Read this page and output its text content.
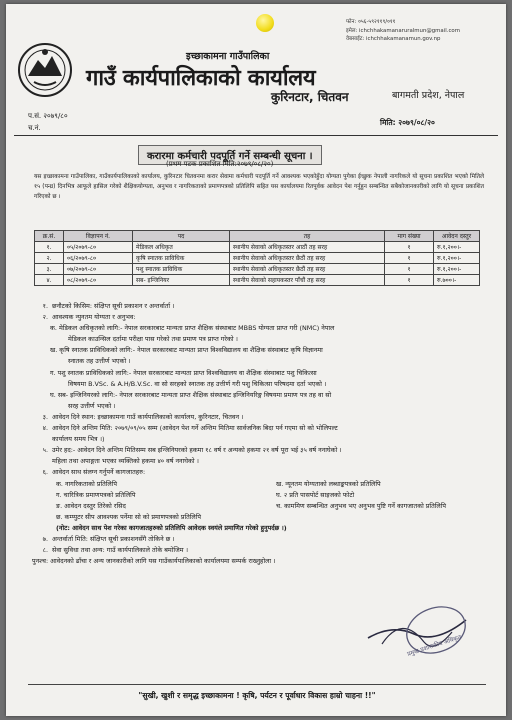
फोन: ०५६-५९२११९/०११
इमेल: ichchhakamanaruralmun@gmail.com
वेबसाईट: ichchhakamanamun.gov.np
इच्छाकामना गाउँपालिका
गाउँ कार्यपालिकाको कार्यालय
कुरिनटार, चितवन	बागमती प्रदेश, नेपाल
प.सं. २०७९/८०
च.नं.
मिति: २०७९/०८/२०
करारमा कर्मचारी पदपूर्ति गर्ने सम्बन्धी सूचना ।
(प्रथम पटक प्रकाशित मिति:२०७९/०८/२०)
यस इच्छाकामना गाउँपालिका, गाउँकार्यपालिकाको कार्यालय, कुरिनटार चितवनमा करार सेवामा कर्मचारी पदपूर्ति गर्ने आवश्यक भएकोहुँदा योग्यता पुगेका ईच्छुक नेपाली नागरिकले यो सूचना प्रकाशित भएको मितिले १५ (पन्ध्र) दिनभित्र आफूले हासिल गरेको शैक्षिकयोग्यता, अनुभव र नागरिकताको प्रमाणपत्रको प्रतिलिपि सहित यस कार्यालयमा रितपूर्वक आवेदन पेश गर्नुहुन सम्बन्धित सबैकोजानकारीको लागि यो सूचना प्रकाशित गरिएको छ ।
क्र.सं.	विज्ञापन नं.	पद	तह	माग संख्या	आवेदन दस्तुर
१.	०५/२०७९-८०	मेडिकल अधिकृत	स्थानीय सेवाको अधिकृतस्तर आठौं तह सरह	१	रु.१,२००।-
२.	०६/२०७९-८०	कृषि स्नातक प्राविधिक	स्थानीय सेवाको अधिकृतस्तर छैठौं तह सरह	१	रु.१,२००।-
३.	०७/२०७९-८०	पशु स्नातक प्राविधिक	स्थानीय सेवाको अधिकृतस्तर छैठौं तह सरह	१	रु.१,२००।-
४.	०८/२०७९-८०	सब- इन्जिनियर	स्थानीय सेवाको सहायकस्तर पाँचौं तह सरह	१	रु.७००।-
१. छनौटको किसिम: संक्षिप्त सूची प्रकाशन र अन्तर्वार्ता ।
२. आवश्यक न्युनतम योग्यता र अनुभव:
क. मेडिकल अधिकृतको लागि:- नेपाल सरकारबाट मान्यता प्राप्त शैक्षिक संस्थाबाट MBBS योग्यता प्राप्त गरी (NMC) नेपाल
मेडिकल काउन्सिल दर्तामा परीक्षा पास गरेको तथा प्रमाण पत्र प्राप्त गरेको ।
ख. कृषि स्नातक प्राविधिकको लागि:- नेपाल सरकारबाट मान्यता प्राप्त विश्वविद्यालय वा शैक्षिक संस्थाबाट कृषि विज्ञानमा
स्नातक तह उत्तीर्ण भएको ।
ग. पशु स्नातक प्राविधिकको लागि:- नेपाल सरकारबाट मान्यता प्राप्त विश्वविद्यालय वा शैक्षिक संस्थाबाट पशु चिकित्सा
विषयमा B.VSc. & A.H/B.V.Sc. वा सो सरहको स्नातक तह उत्तीर्ण गरी पशु चिकित्सा परिषदमा दर्ता भएको ।
घ. सब- इन्जिनियरको लागि:- नेपाल सरकारबाट मान्यता प्राप्त शैक्षिक संस्थाबाट इन्जिनियरिङ्ग विषयमा प्रमाण पत्र तह वा सो
सरह उत्तीर्ण भएको ।
३. आवेदन दिने स्थान: इच्छाकामना गाउँ कार्यपालिकाको कार्यालय, कुरिनटार, चितवन ।
४. आवेदन दिने अन्तिम मिति: २०७९/०९/०५ सम्म (आवेदन पेश गर्ने अन्तिम मितिमा सार्वजनिक बिदा पर्न गएमा सो को भोलिपल्ट
कार्यालय समय भित्र ।)
५. उमेर हद:- आवेदन दिने अन्तिम मितिसम्म सब इन्जिनियरको हकमा १८ वर्ष र अन्यको हकमा २१ वर्ष पूरा भई ३५ वर्ष ननाघेको ।
महिला तथा अपाङ्गता भएका व्यक्तिको हकमा ४० वर्ष ननाघेको ।
६. आवेदन साथ संलग्न गर्नुपर्ने कागजातहरु:
क. नागरिकताको प्रतिलिपि	ख. न्यूनतम योग्यताको लब्धाङ्कपत्रको प्रतिलिपि
ग. चारित्रिक प्रमाणपत्रको प्रतिलिपि	घ. २ प्रति पासपोर्ट साइजको फोटो
ङ. आवेदन दस्तुर तिरेको रसिद	च. काममिण सम्बन्धित अनुभव भए अनुभव पुष्टि गर्ने कागजातको प्रतिलिपि
छ. कम्प्युटर सीप आवश्यक पर्नेमा सो को प्रमाणपत्रको प्रतिलिपि
(नोट: आवेदन साथ पेश गरेका कागजातहरुको प्रतिलिपि आवेदक स्वयंले प्रमाणित गरेको हुनुपर्दछ ।)
७. अन्तर्वार्ता मिति: संक्षिप्त सूची प्रकाशनसँगै तोकिने छ ।
८. सेवा सुविधा तथा अन्य: गाउँ कार्यपालिकाले तोके बमोजिम ।
पुनश्च: आवेदनको ढाँचा र अन्य जानकारीको लागि यस गाउँकार्यपालिकाको कार्यालयमा सम्पर्क राख्नुहोला ।
प्रमुख प्रशासकीय अधिकृत
"सुखी, खुशी र समृद्ध इच्छाकामना ! कृषि, पर्यटन र पूर्वाधार विकास हाम्रो चाहना !!"
